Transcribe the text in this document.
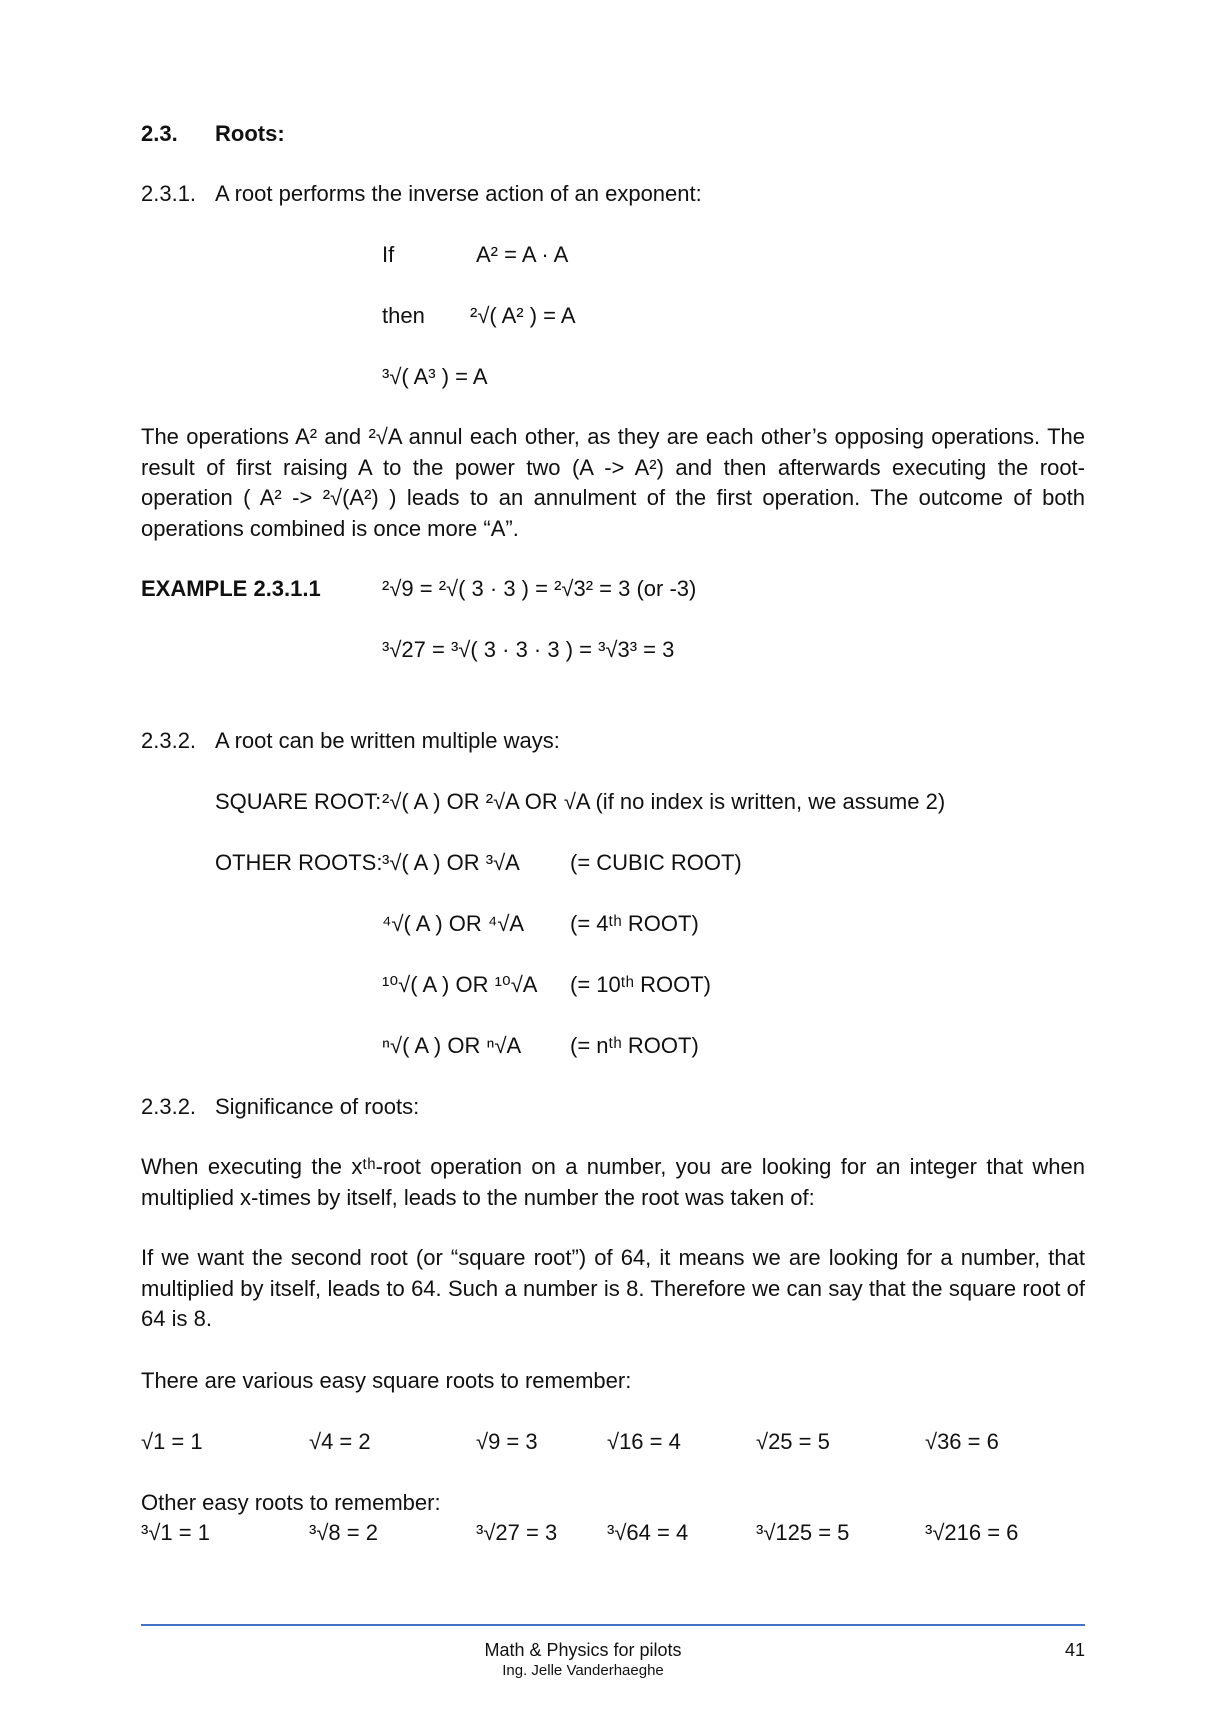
2.3. Roots:
2.3.1. A root performs the inverse action of an exponent:
If	A² = A · A
then ²√( A² ) = A
³√( A³ ) = A
The operations A² and ²√A annul each other, as they are each other’s opposing operations. The result of first raising A to the power two (A -> A²) and then afterwards executing the root-operation ( A² -> ²√(A²) ) leads to an annulment of the first operation. The outcome of both operations combined is once more “A”.
EXAMPLE 2.3.1.1	²√9 = ²√( 3 · 3 ) = ²√3² = 3 (or -3)
³√27 = ³√( 3 · 3 · 3 ) = ³√3³ = 3
2.3.2. A root can be written multiple ways:
SQUARE ROOT: ²√( A ) OR ²√A OR √A (if no index is written, we assume 2)
OTHER ROOTS: ³√( A ) OR ³√A (= CUBIC ROOT)
⁴√( A ) OR ⁴√A (= 4ᵗʰ ROOT)
¹⁰√( A ) OR ¹⁰√A (= 10ᵗʰ ROOT)
ⁿ√( A ) OR ⁿ√A (= nᵗʰ ROOT)
2.3.2. Significance of roots:
When executing the xᵗʰ-root operation on a number, you are looking for an integer that when multiplied x-times by itself, leads to the number the root was taken of:
If we want the second root (or “square root”) of 64, it means we are looking for a number, that multiplied by itself, leads to 64. Such a number is 8. Therefore we can say that the square root of 64 is 8.
There are various easy square roots to remember:
√1 = 1	√4 = 2	√9 = 3	√16 = 4	√25 = 5	√36 = 6
Other easy roots to remember:
³√1 = 1	³√8 = 2	³√27 = 3 ³√64 = 4	³√125 = 5	³√216 = 6
Math & Physics for pilots
Ing. Jelle Vanderhaeghe
41
